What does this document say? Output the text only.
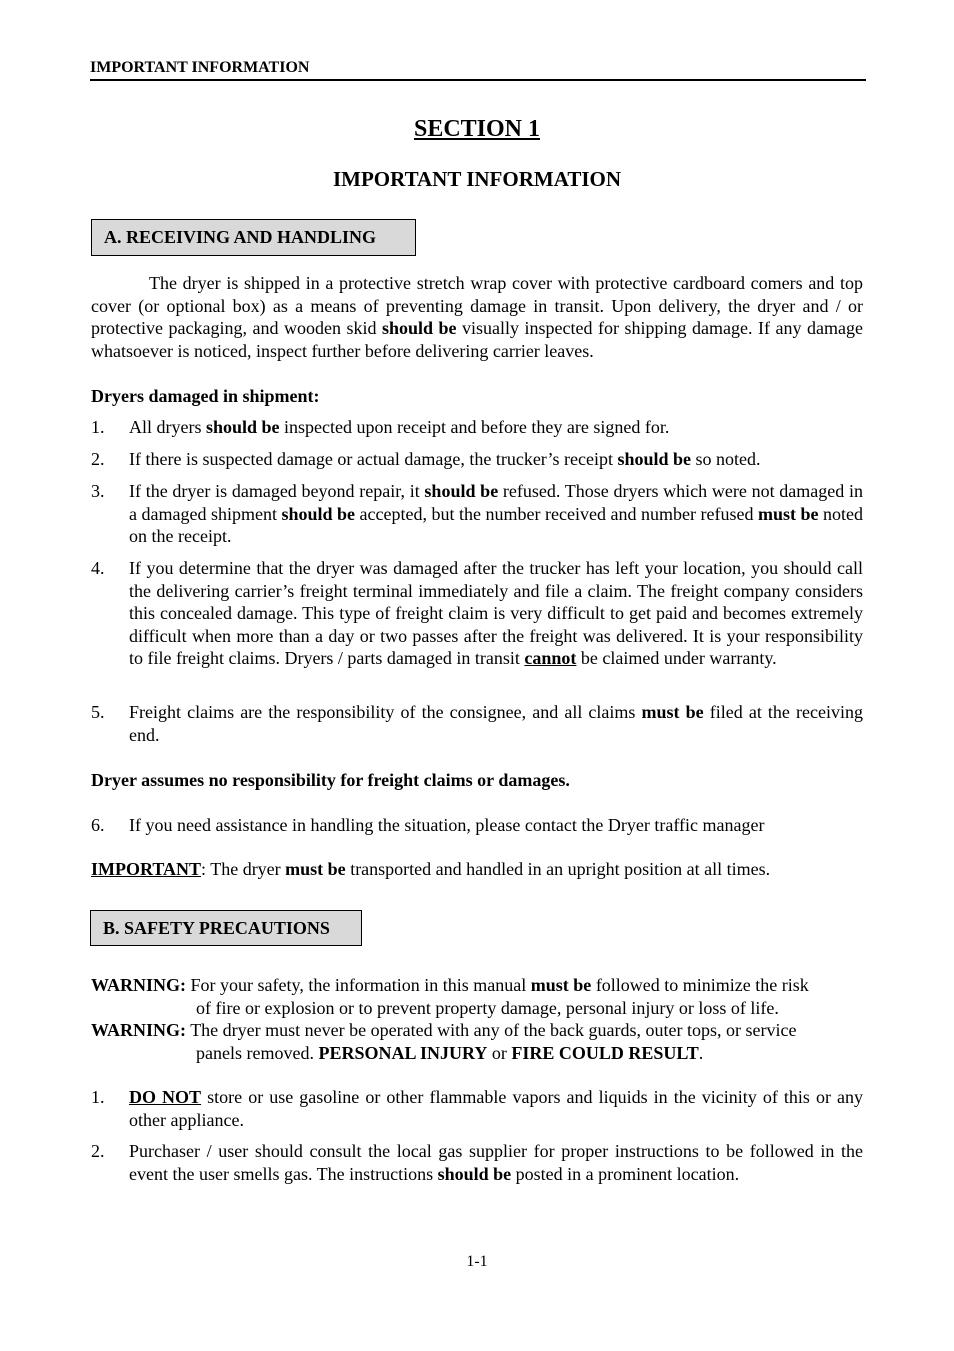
IMPORTANT INFORMATION
SECTION 1
IMPORTANT INFORMATION
A. RECEIVING AND HANDLING
The dryer is shipped in a protective stretch wrap cover with protective cardboard comers and top cover (or optional box) as a means of preventing damage in transit. Upon delivery, the dryer and / or protective packaging, and wooden skid should be visually inspected for shipping damage. If any damage whatsoever is noticed, inspect further before delivering carrier leaves.
Dryers damaged in shipment:
1.	All dryers should be inspected upon receipt and before they are signed for.
2.	If there is suspected damage or actual damage, the trucker’s receipt should be so noted.
3.	If the dryer is damaged beyond repair, it should be refused. Those dryers which were not damaged in a damaged shipment should be accepted, but the number received and number refused must be noted on the receipt.
4.	If you determine that the dryer was damaged after the trucker has left your location, you should call the delivering carrier’s freight terminal immediately and file a claim. The freight company considers this concealed damage. This type of freight claim is very difficult to get paid and becomes extremely difficult when more than a day or two passes after the freight was delivered. It is your responsibility to file freight claims. Dryers / parts damaged in transit cannot be claimed under warranty.
5.	Freight claims are the responsibility of the consignee, and all claims must be filed at the receiving end.
Dryer assumes no responsibility for freight claims or damages.
6.	If you need assistance in handling the situation, please contact the Dryer traffic manager
IMPORTANT: The dryer must be transported and handled in an upright position at all times.
B. SAFETY PRECAUTIONS
WARNING: For your safety, the information in this manual must be followed to minimize the risk
of fire or explosion or to prevent property damage, personal injury or loss of life.
WARNING: The dryer must never be operated with any of the back guards, outer tops, or service
panels removed. PERSONAL INJURY or FIRE COULD RESULT.
1.	DO NOT store or use gasoline or other flammable vapors and liquids in the vicinity of this or any other appliance.
2.	Purchaser / user should consult the local gas supplier for proper instructions to be followed in the event the user smells gas. The instructions should be posted in a prominent location.
1-1
